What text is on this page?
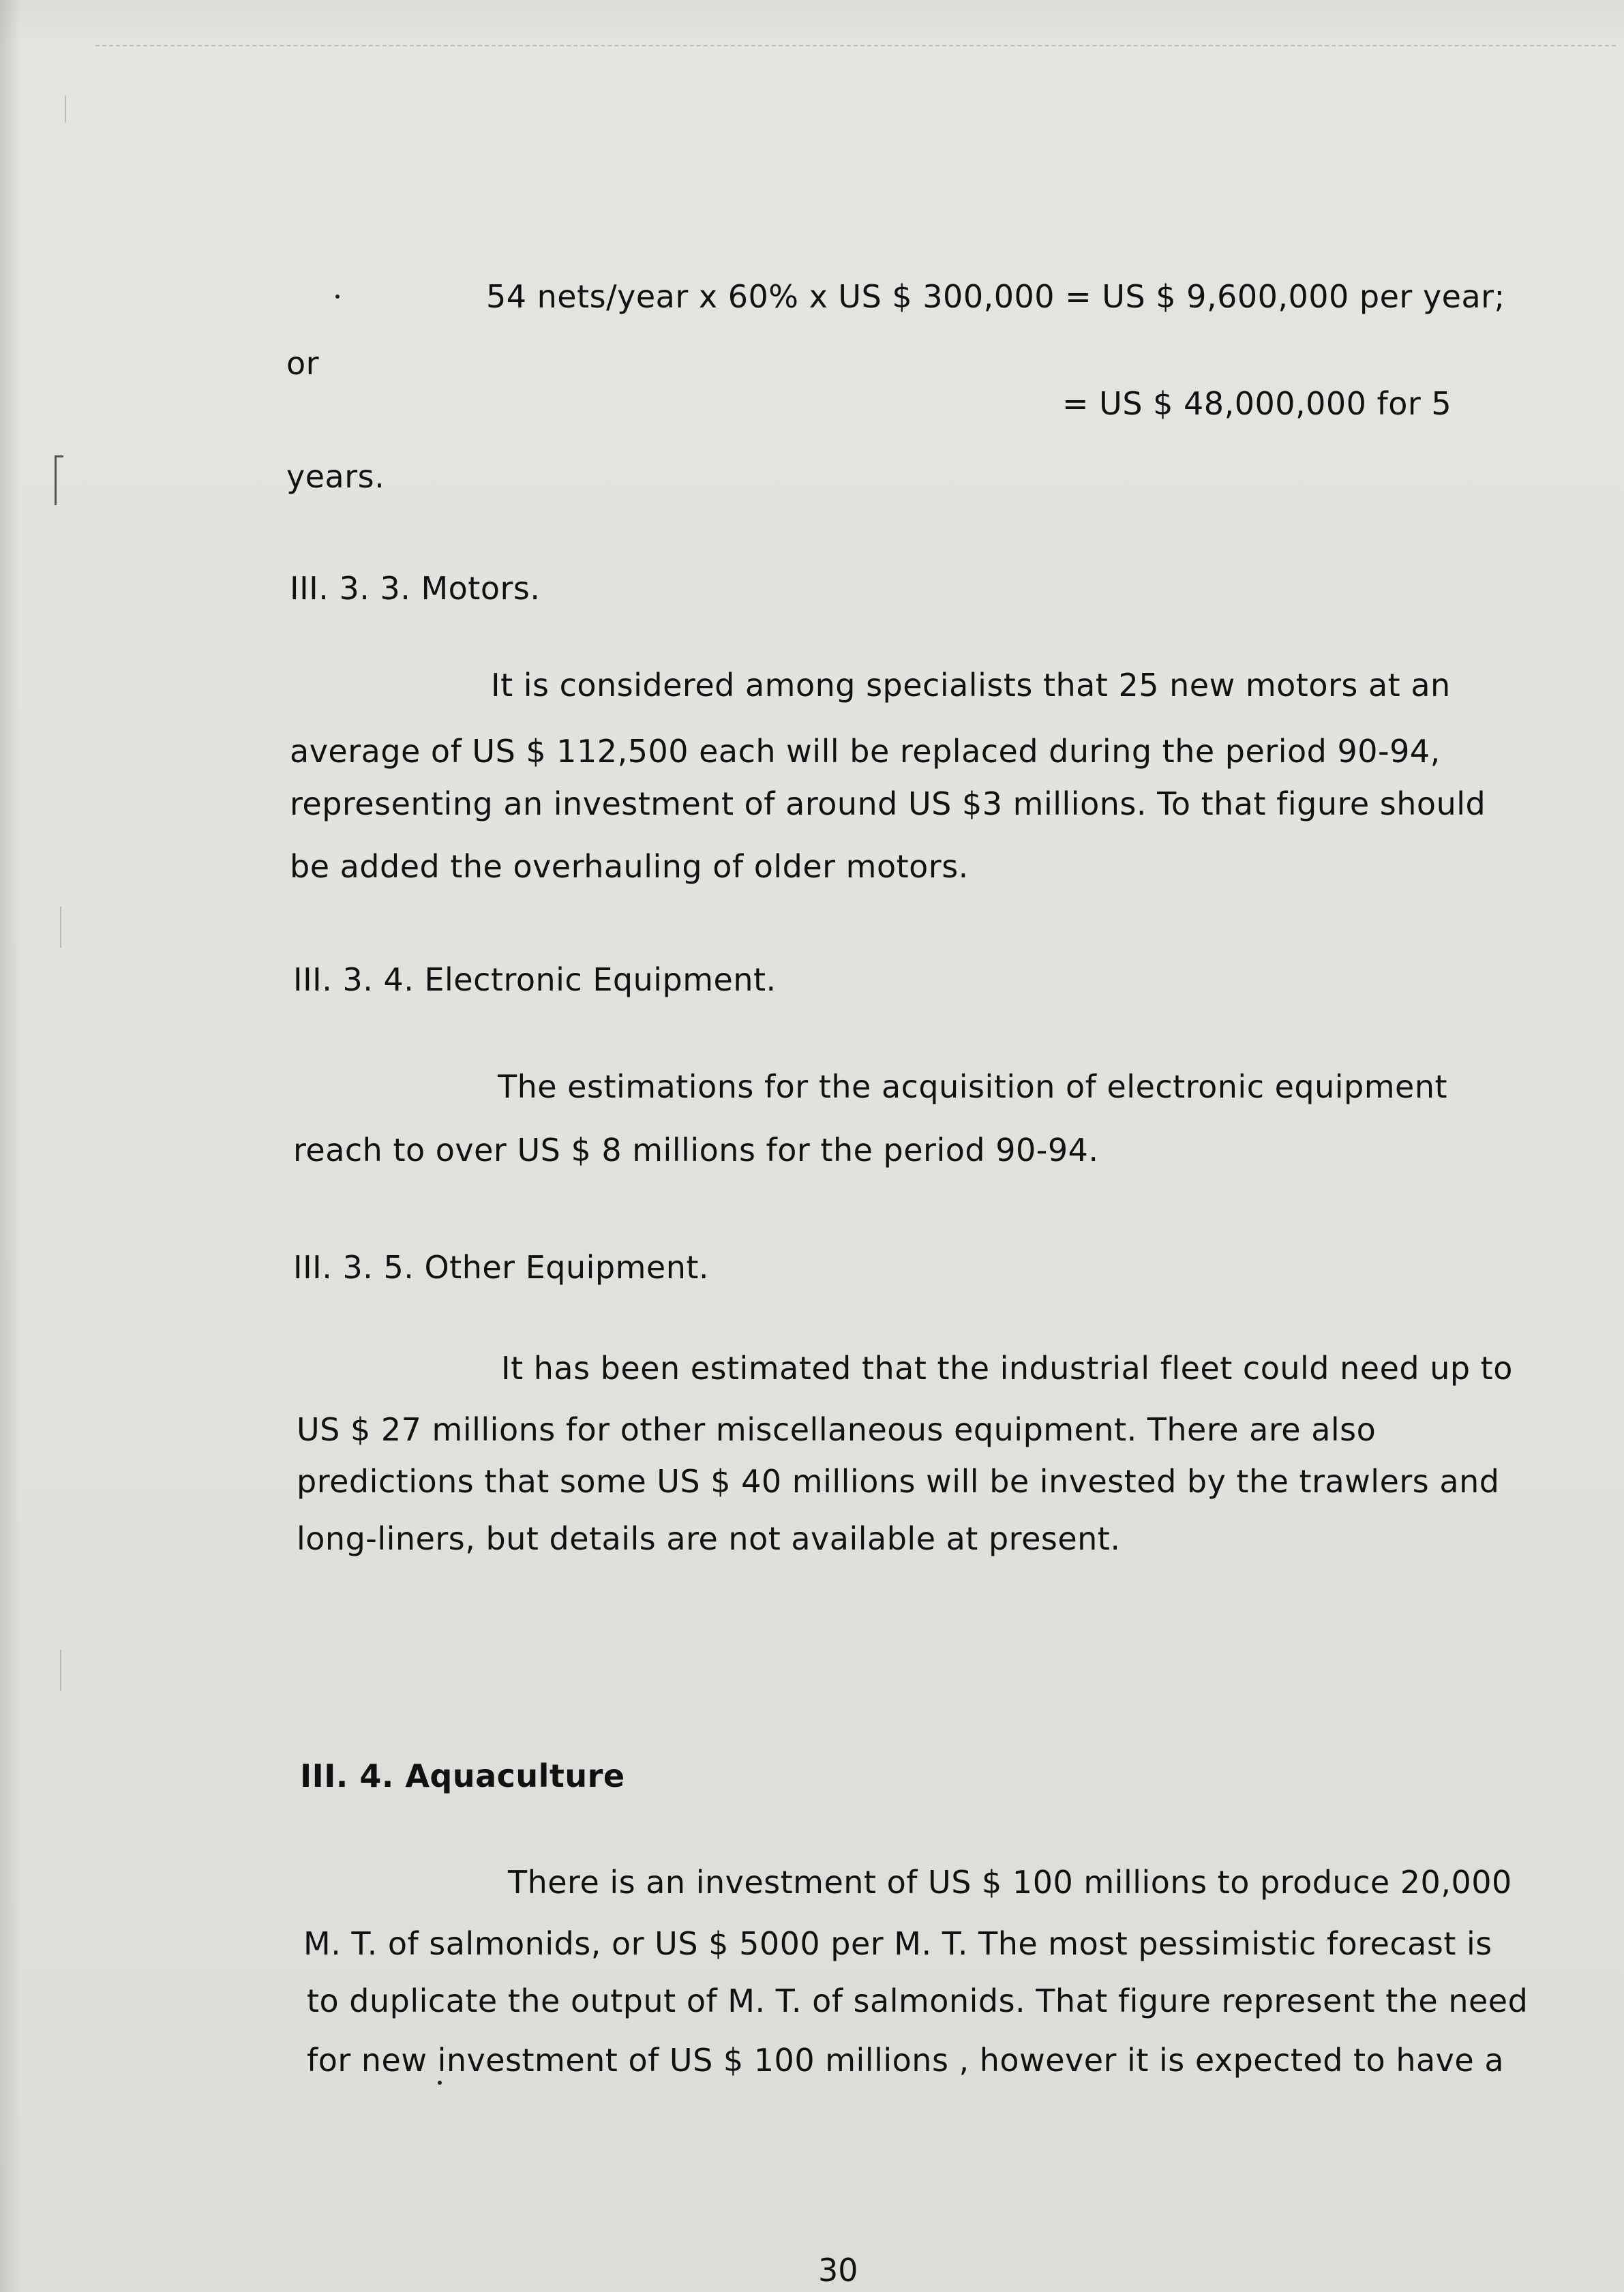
54 nets/year x 60% x US $ 300,000 = US $ 9,600,000 per year;
or
= US $ 48,000,000 for 5
years.
III. 3. 3. Motors.
It is considered among specialists that 25 new motors at an
average of US $ 112,500 each will be replaced during the period 90-94,
representing an investment of around US $3 millions. To that figure should
be added the overhauling of older motors.
III. 3. 4. Electronic Equipment.
The estimations for the acquisition of electronic equipment
reach to over US $ 8 millions for the period 90-94.
III. 3. 5. Other Equipment.
It has been estimated that the industrial fleet could need up to
US $ 27 millions for other miscellaneous equipment. There are also
predictions that some US $ 40 millions will be invested by the trawlers and
long-liners, but details are not available at present.
III. 4. Aquaculture
There is an investment of US $ 100 millions to produce 20,000
M. T. of salmonids, or US $ 5000 per M. T. The most pessimistic forecast is
to duplicate the output of M. T. of salmonids. That figure represent the need
for new investment of US $ 100 millions , however it is expected to have a
30
